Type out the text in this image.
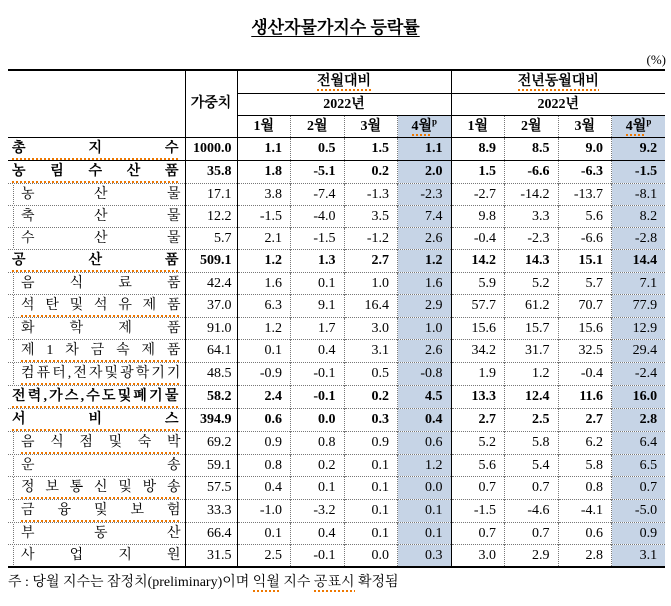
생산자물가지수 등락률
(%)
	가중치	전월대비				전년동월대비			
		2022년				2022년			
		1월	2월	3월	4월$^p$	1월	2월	3월	4월$^p$

총 지 수	1000.0	1.1	0.5	1.5	1.1	8.9	8.5	9.0	9.2

농 림 수 산 품	35.8	1.8	-5.1	0.2	2.0	1.5	-6.6	-6.3	-1.5

농 산 물	17.1	3.8	-7.4	-1.3	-2.3	-2.7	-14.2	-13.7	-8.1

축 산 물	12.2	-1.5	-4.0	3.5	7.4	9.8	3.3	5.6	8.2

수 산 물	5.7	2.1	-1.5	-1.2	2.6	-0.4	-2.3	-6.6	-2.8

공 산 품	509.1	1.2	1.3	2.7	1.2	14.2	14.3	15.1	14.4

음 식 료 품	42.4	1.6	0.1	1.0	1.6	5.9	5.2	5.7	7.1

석 탄 및 석 유 제 품	37.0	6.3	9.1	16.4	2.9	57.7	61.2	70.7	77.9

화 학 제 품	91.0	1.2	1.7	3.0	1.0	15.6	15.7	15.6	12.9

제 1 차 금 속 제 품	64.1	0.1	0.4	3.1	2.6	34.2	31.7	32.5	29.4

컴 퓨 터 , 전 자 및 광 학 기 기	48.5	-0.9	-0.1	0.5	-0.8	1.9	1.2	-0.4	-2.4

전 력 , 가 스 , 수 도 및 폐 기 물	58.2	2.4	-0.1	0.2	4.5	13.3	12.4	11.6	16.0

서 비 스	394.9	0.6	0.0	0.3	0.4	2.7	2.5	2.7	2.8

음 식 점 및 숙 박	69.2	0.9	0.8	0.9	0.6	5.2	5.8	6.2	6.4

운 송	59.1	0.8	0.2	0.1	1.2	5.6	5.4	5.8	6.5

정 보 통 신 및 방 송	57.5	0.4	0.1	0.1	0.0	0.7	0.7	0.8	0.7

금 융 및 보 험	33.3	-1.0	-3.2	0.1	0.1	-1.5	-4.6	-4.1	-5.0

부 동 산	66.4	0.1	0.4	0.1	0.1	0.7	0.7	0.6	0.9

사 업 지 원	31.5	2.5	-0.1	0.0	0.3	3.0	2.9	2.8	3.1
주 : 당월 지수는 잠정치(preliminary)이며 익월 지수 공표시 확정됨
